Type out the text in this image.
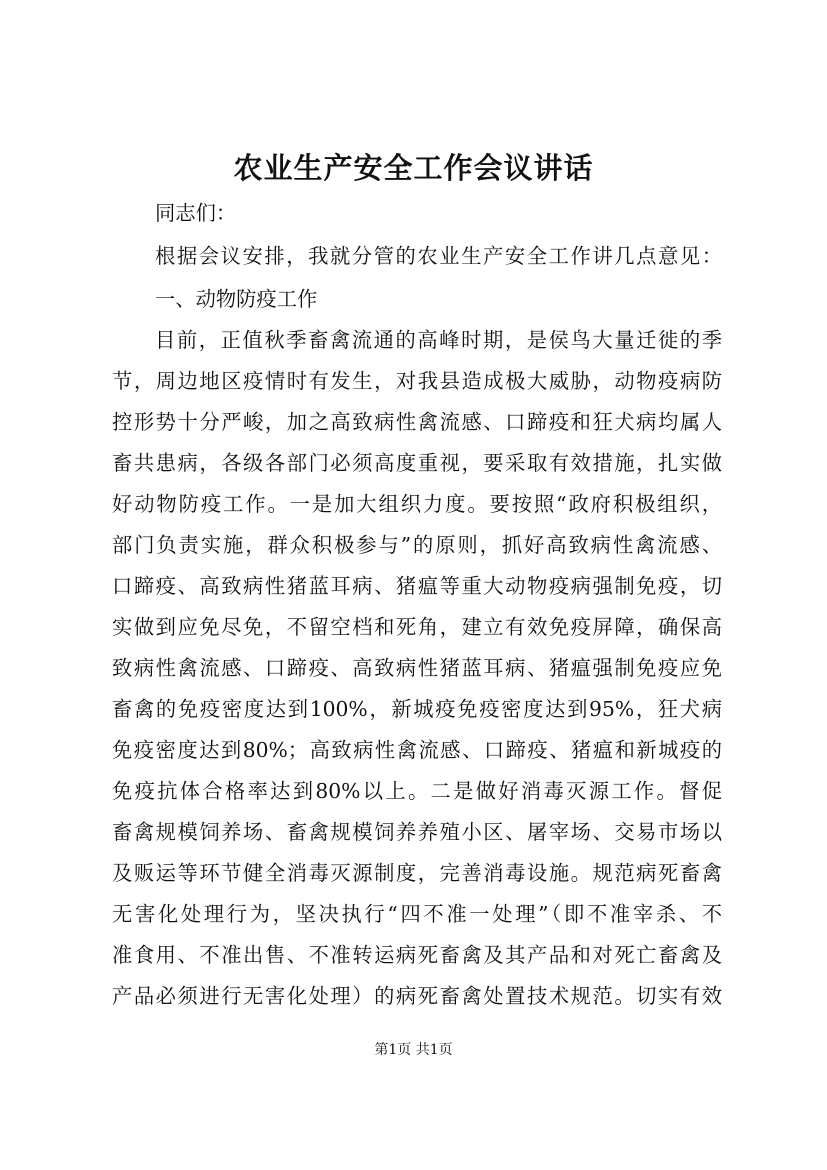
农业生产安全工作会议讲话
同志们：
根据会议安排，我就分管的农业生产安全工作讲几点意见：
一、动物防疫工作
目前，正值秋季畜禽流通的高峰时期，是侯鸟大量迁徙的季
节，周边地区疫情时有发生，对我县造成极大威胁，动物疫病防
控形势十分严峻，加之高致病性禽流感、口蹄疫和狂犬病均属人
畜共患病，各级各部门必须高度重视，要采取有效措施，扎实做
好动物防疫工作。一是加大组织力度。要按照“政府积极组织，
部门负责实施，群众积极参与”的原则，抓好高致病性禽流感、
口蹄疫、高致病性猪蓝耳病、猪瘟等重大动物疫病强制免疫，切
实做到应免尽免，不留空档和死角，建立有效免疫屏障，确保高
致病性禽流感、口蹄疫、高致病性猪蓝耳病、猪瘟强制免疫应免
畜禽的免疫密度达到100%，新城疫免疫密度达到95%，狂犬病
免疫密度达到80%；高致病性禽流感、口蹄疫、猪瘟和新城疫的
免疫抗体合格率达到80%以上。二是做好消毒灭源工作。督促
畜禽规模饲养场、畜禽规模饲养养殖小区、屠宰场、交易市场以
及贩运等环节健全消毒灭源制度，完善消毒设施。规范病死畜禽
无害化处理行为，坚决执行“四不准一处理”（即不准宰杀、不
准食用、不准出售、不准转运病死畜禽及其产品和对死亡畜禽及
产品必须进行无害化处理）的病死畜禽处置技术规范。切实有效
第1页 共1页
